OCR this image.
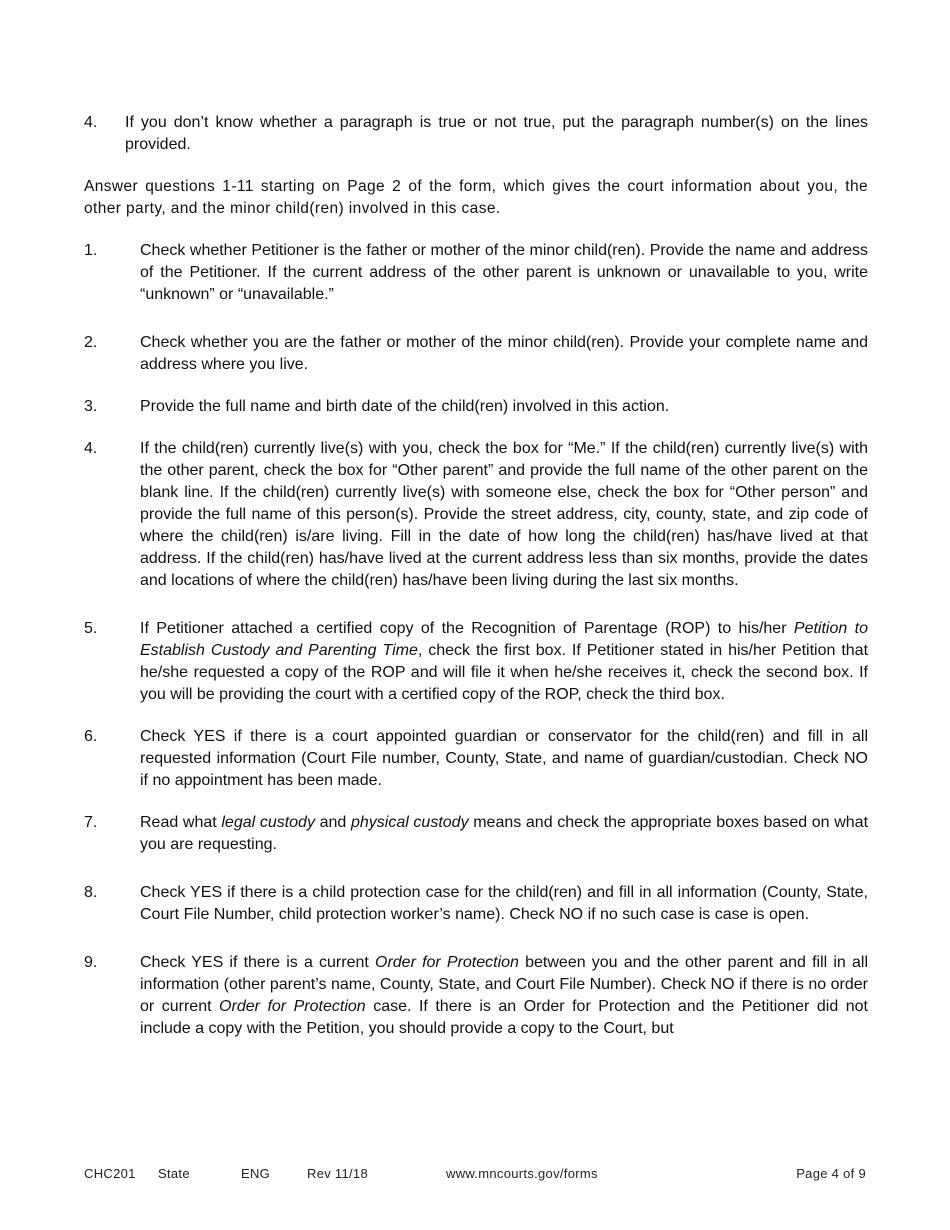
4.	If you don’t know whether a paragraph is true or not true, put the paragraph number(s) on the lines provided.

Answer questions 1-11 starting on Page 2 of the form, which gives the court information about you, the other party, and the minor child(ren) involved in this case.

1.	Check whether Petitioner is the father or mother of the minor child(ren). Provide the name and address of the Petitioner. If the current address of the other parent is unknown or unavailable to you, write “unknown” or “unavailable.”
2.	Check whether you are the father or mother of the minor child(ren). Provide your complete name and address where you live.
3.	Provide the full name and birth date of the child(ren) involved in this action.
4.	If the child(ren) currently live(s) with you, check the box for “Me.” If the child(ren) currently live(s) with the other parent, check the box for “Other parent” and provide the full name of the other parent on the blank line. If the child(ren) currently live(s) with someone else, check the box for “Other person” and provide the full name of this person(s). Provide the street address, city, county, state, and zip code of where the child(ren) is/are living. Fill in the date of how long the child(ren) has/have lived at that address. If the child(ren) has/have lived at the current address less than six months, provide the dates and locations of where the child(ren) has/have been living during the last six months.
5.	If Petitioner attached a certified copy of the Recognition of Parentage (ROP) to his/her Petition to Establish Custody and Parenting Time, check the first box. If Petitioner stated in his/her Petition that he/she requested a copy of the ROP and will file it when he/she receives it, check the second box. If you will be providing the court with a certified copy of the ROP, check the third box.
6.	Check YES if there is a court appointed guardian or conservator for the child(ren) and fill in all requested information (Court File number, County, State, and name of guardian/custodian. Check NO if no appointment has been made.
7.	Read what legal custody and physical custody means and check the appropriate boxes based on what you are requesting.
8.	Check YES if there is a child protection case for the child(ren) and fill in all information (County, State, Court File Number, child protection worker’s name). Check NO if no such case is case is open.
9.	Check YES if there is a current Order for Protection between you and the other parent and fill in all information (other parent’s name, County, State, and Court File Number). Check NO if there is no order or current Order for Protection case. If there is an Order for Protection and the Petitioner did not include a copy with the Petition, you should provide a copy to the Court, but
CHC201 State	ENG	Rev 11/18	www.mncourts.gov/forms	Page 4 of 9
